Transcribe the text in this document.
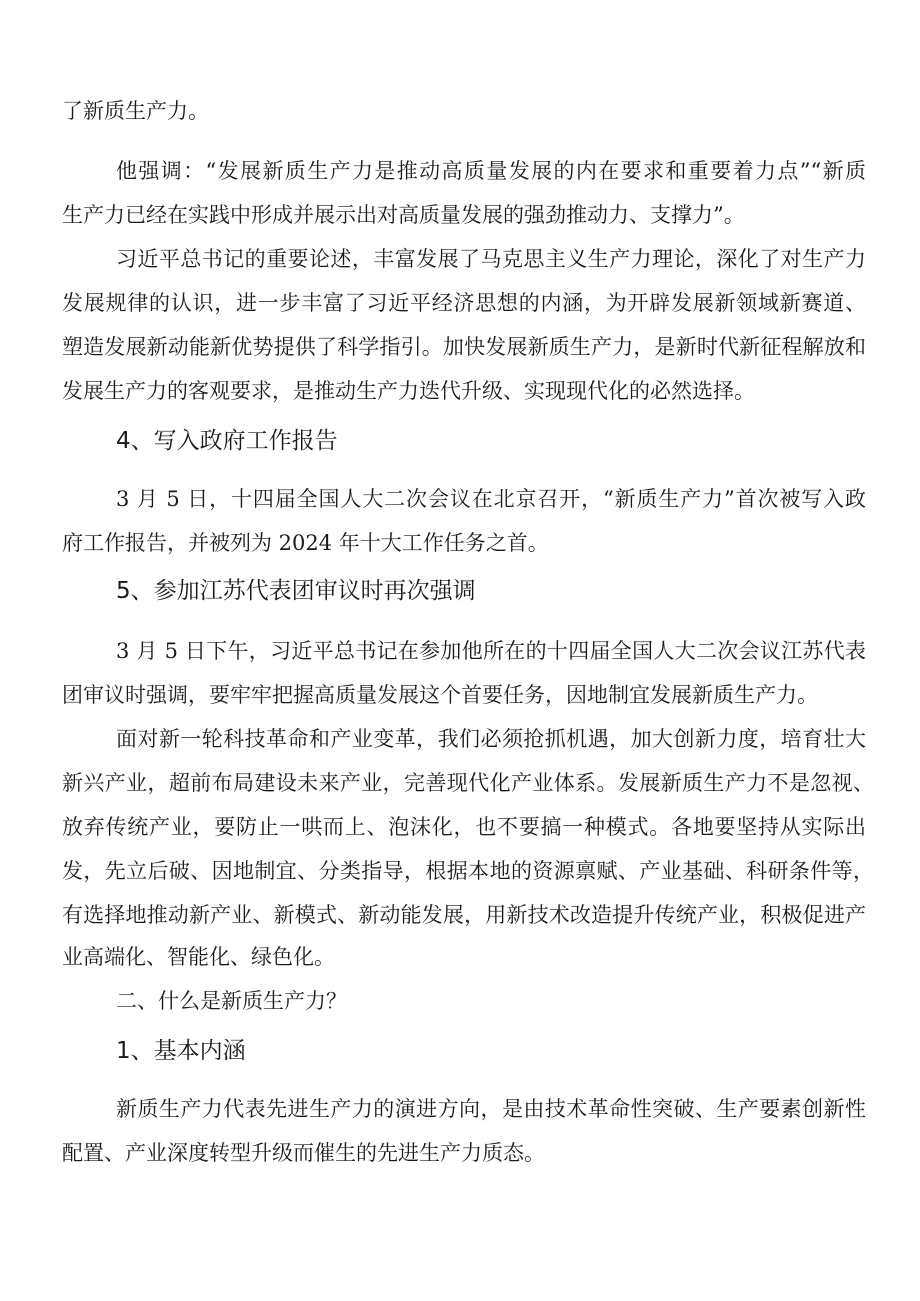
了新质生产力。
他强调：“发展新质生产力是推动高质量发展的内在要求和重要着力点”“新质
生产力已经在实践中形成并展示出对高质量发展的强劲推动力、支撑力”。
习近平总书记的重要论述，丰富发展了马克思主义生产力理论，深化了对生产力
发展规律的认识，进一步丰富了习近平经济思想的内涵，为开辟发展新领域新赛道、
塑造发展新动能新优势提供了科学指引。加快发展新质生产力，是新时代新征程解放和
发展生产力的客观要求，是推动生产力迭代升级、实现现代化的必然选择。
4、写入政府工作报告
3 月 5 日，十四届全国人大二次会议在北京召开，“新质生产力”首次被写入政
府工作报告，并被列为 2024 年十大工作任务之首。
5、参加江苏代表团审议时再次强调
3 月 5 日下午，习近平总书记在参加他所在的十四届全国人大二次会议江苏代表
团审议时强调，要牢牢把握高质量发展这个首要任务，因地制宜发展新质生产力。
面对新一轮科技革命和产业变革，我们必须抢抓机遇，加大创新力度，培育壮大
新兴产业，超前布局建设未来产业，完善现代化产业体系。发展新质生产力不是忽视、
放弃传统产业，要防止一哄而上、泡沫化，也不要搞一种模式。各地要坚持从实际出
发，先立后破、因地制宜、分类指导，根据本地的资源禀赋、产业基础、科研条件等，
有选择地推动新产业、新模式、新动能发展，用新技术改造提升传统产业，积极促进产
业高端化、智能化、绿色化。
二、什么是新质生产力？
1、基本内涵
新质生产力代表先进生产力的演进方向，是由技术革命性突破、生产要素创新性
配置、产业深度转型升级而催生的先进生产力质态。
